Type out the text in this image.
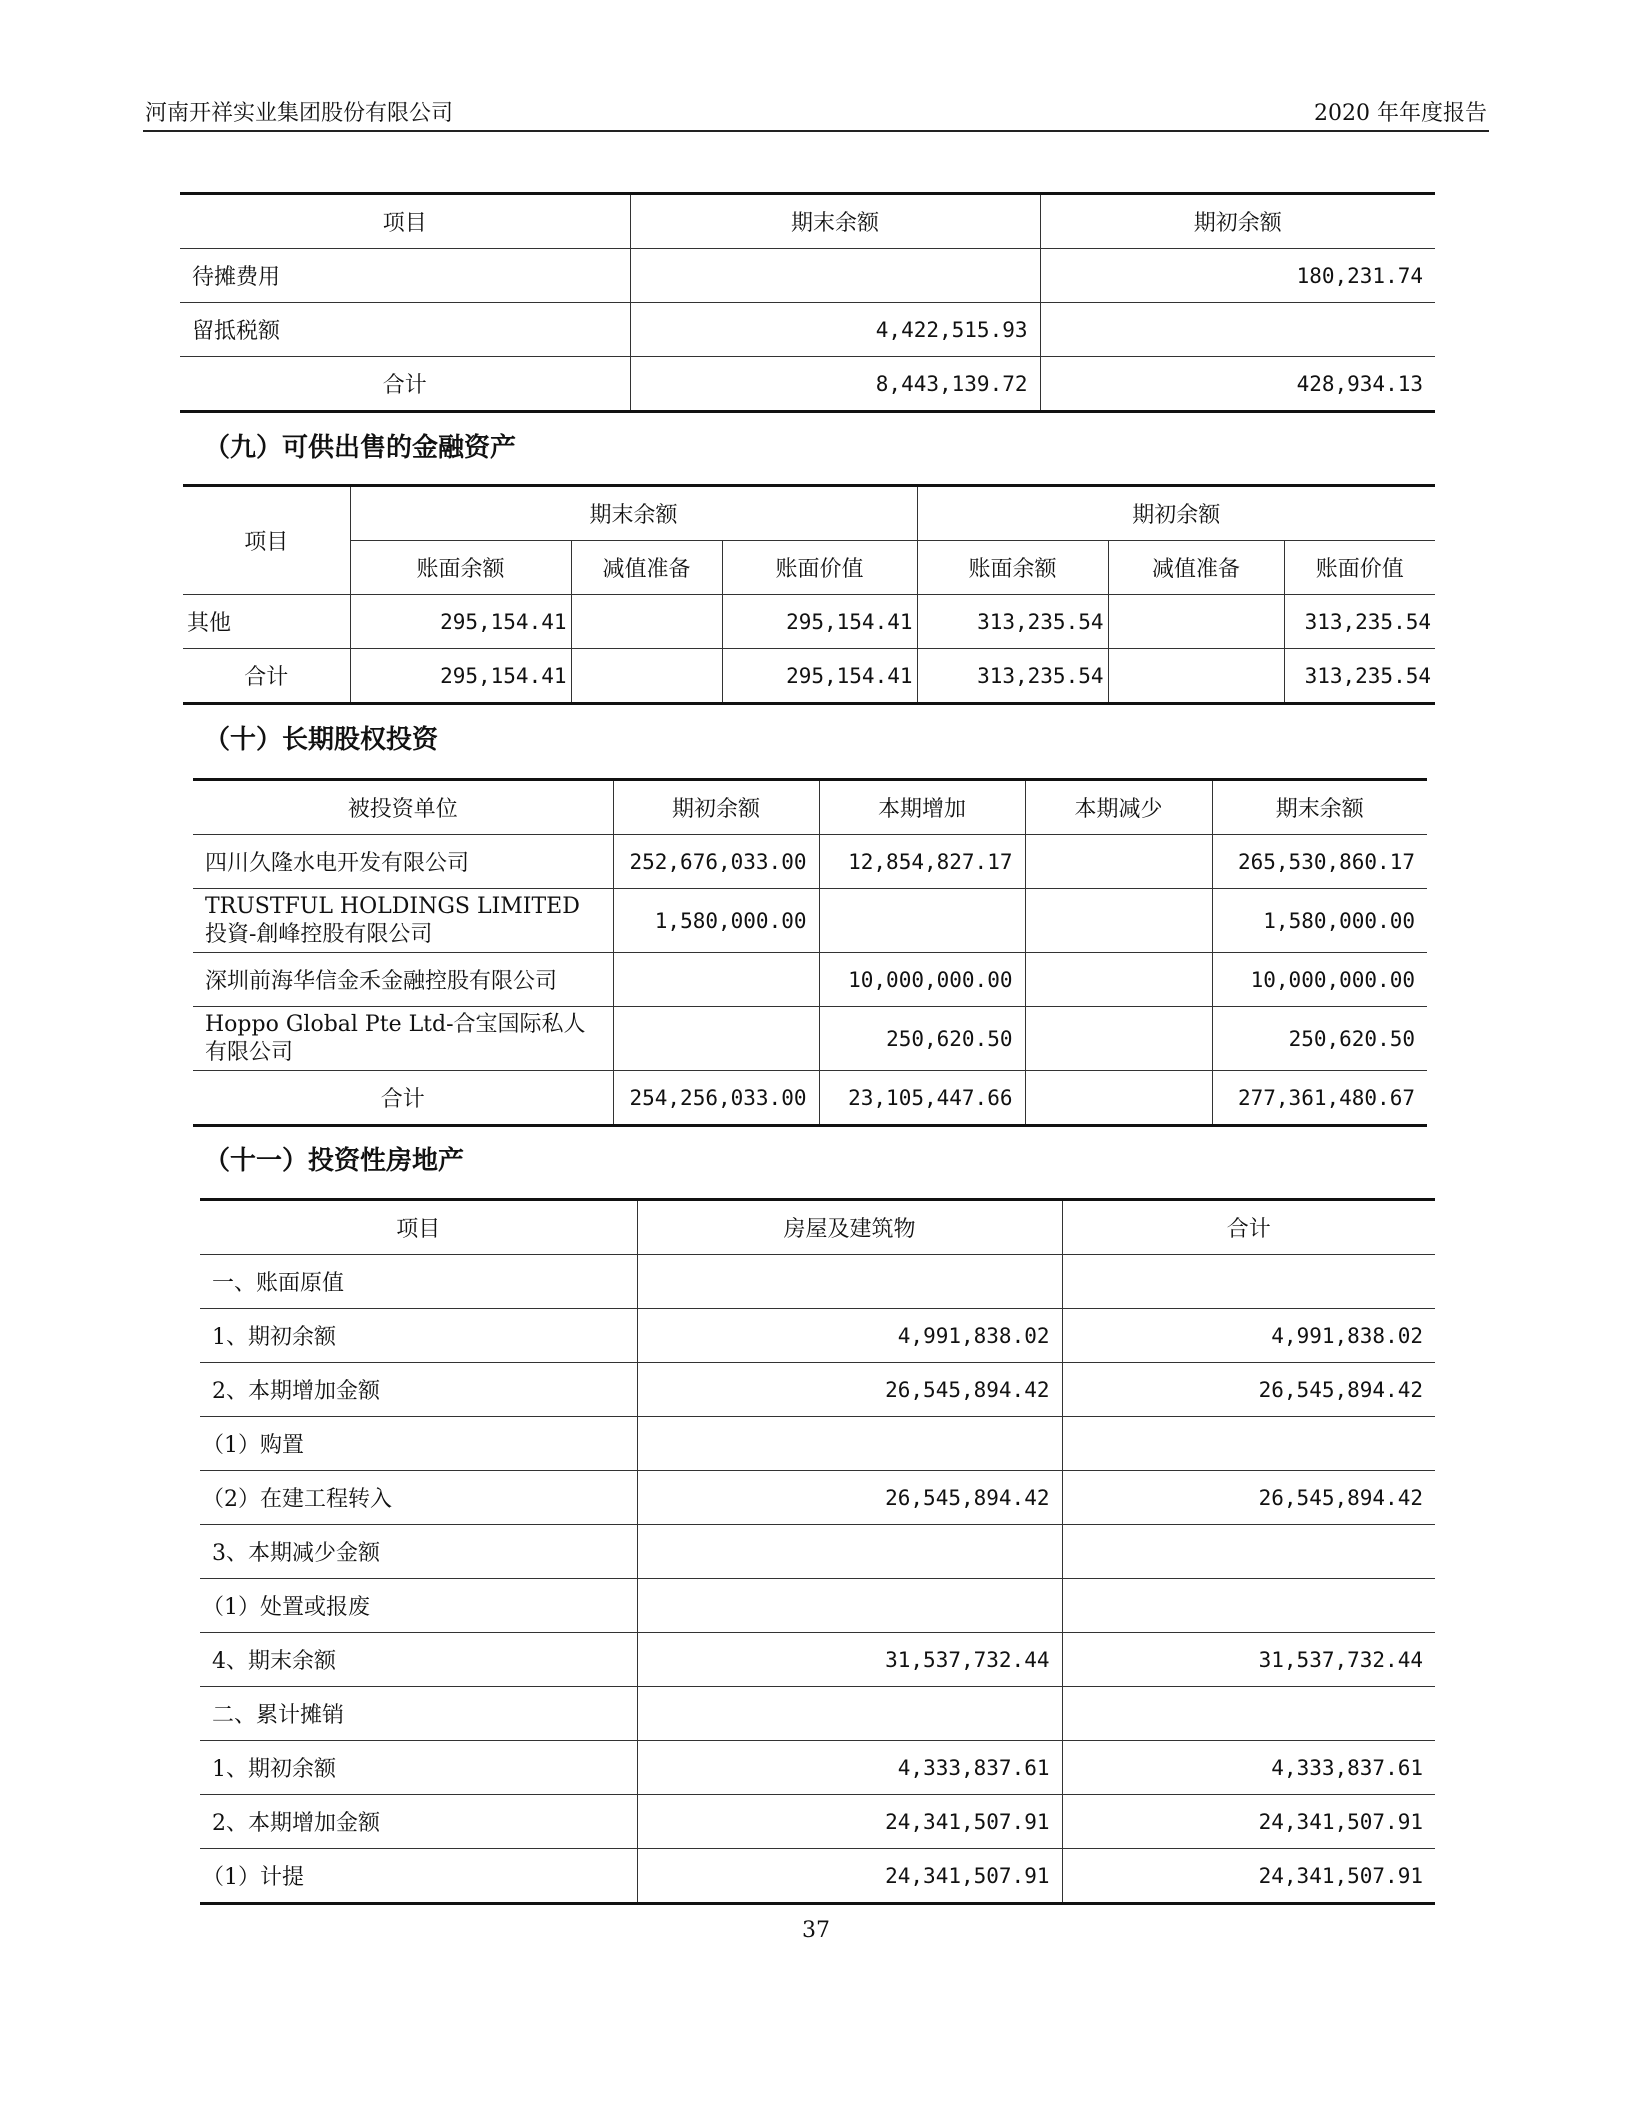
河南开祥实业集团股份有限公司	2020 年年度报告
项目	期末余额	期初余额
待摊费用		180,231.74
留抵税额	4,422,515.93	
合计	8,443,139.72	428,934.13
（九）可供出售的金融资产
项目	期末余额			期初余额		
	账面余额	减值准备	账面价值	账面余额	减值准备	账面价值
其他	295,154.41		295,154.41	313,235.54		313,235.54
合计	295,154.41		295,154.41	313,235.54		313,235.54
（十）长期股权投资
被投资单位	期初余额	本期增加	本期减少	期末余额
四川久隆水电开发有限公司	252,676,033.00	12,854,827.17		265,530,860.17
TRUSTFUL HOLDINGS LIMITED 投資-創峰控股有限公司	1,580,000.00			1,580,000.00
深圳前海华信金禾金融控股有限公司		10,000,000.00		10,000,000.00
Hoppo Global Pte Ltd-合宝国际私人有限公司		250,620.50		250,620.50
合计	254,256,033.00	23,105,447.66		277,361,480.67
（十一）投资性房地产
项目	房屋及建筑物	合计
一、账面原值		
1、期初余额	4,991,838.02	4,991,838.02
2、本期增加金额	26,545,894.42	26,545,894.42
（1）购置		
（2）在建工程转入	26,545,894.42	26,545,894.42
3、本期减少金额		
（1）处置或报废		
4、期末余额	31,537,732.44	31,537,732.44
二、累计摊销		
1、期初余额	4,333,837.61	4,333,837.61
2、本期增加金额	24,341,507.91	24,341,507.91
（1）计提	24,341,507.91	24,341,507.91
37
